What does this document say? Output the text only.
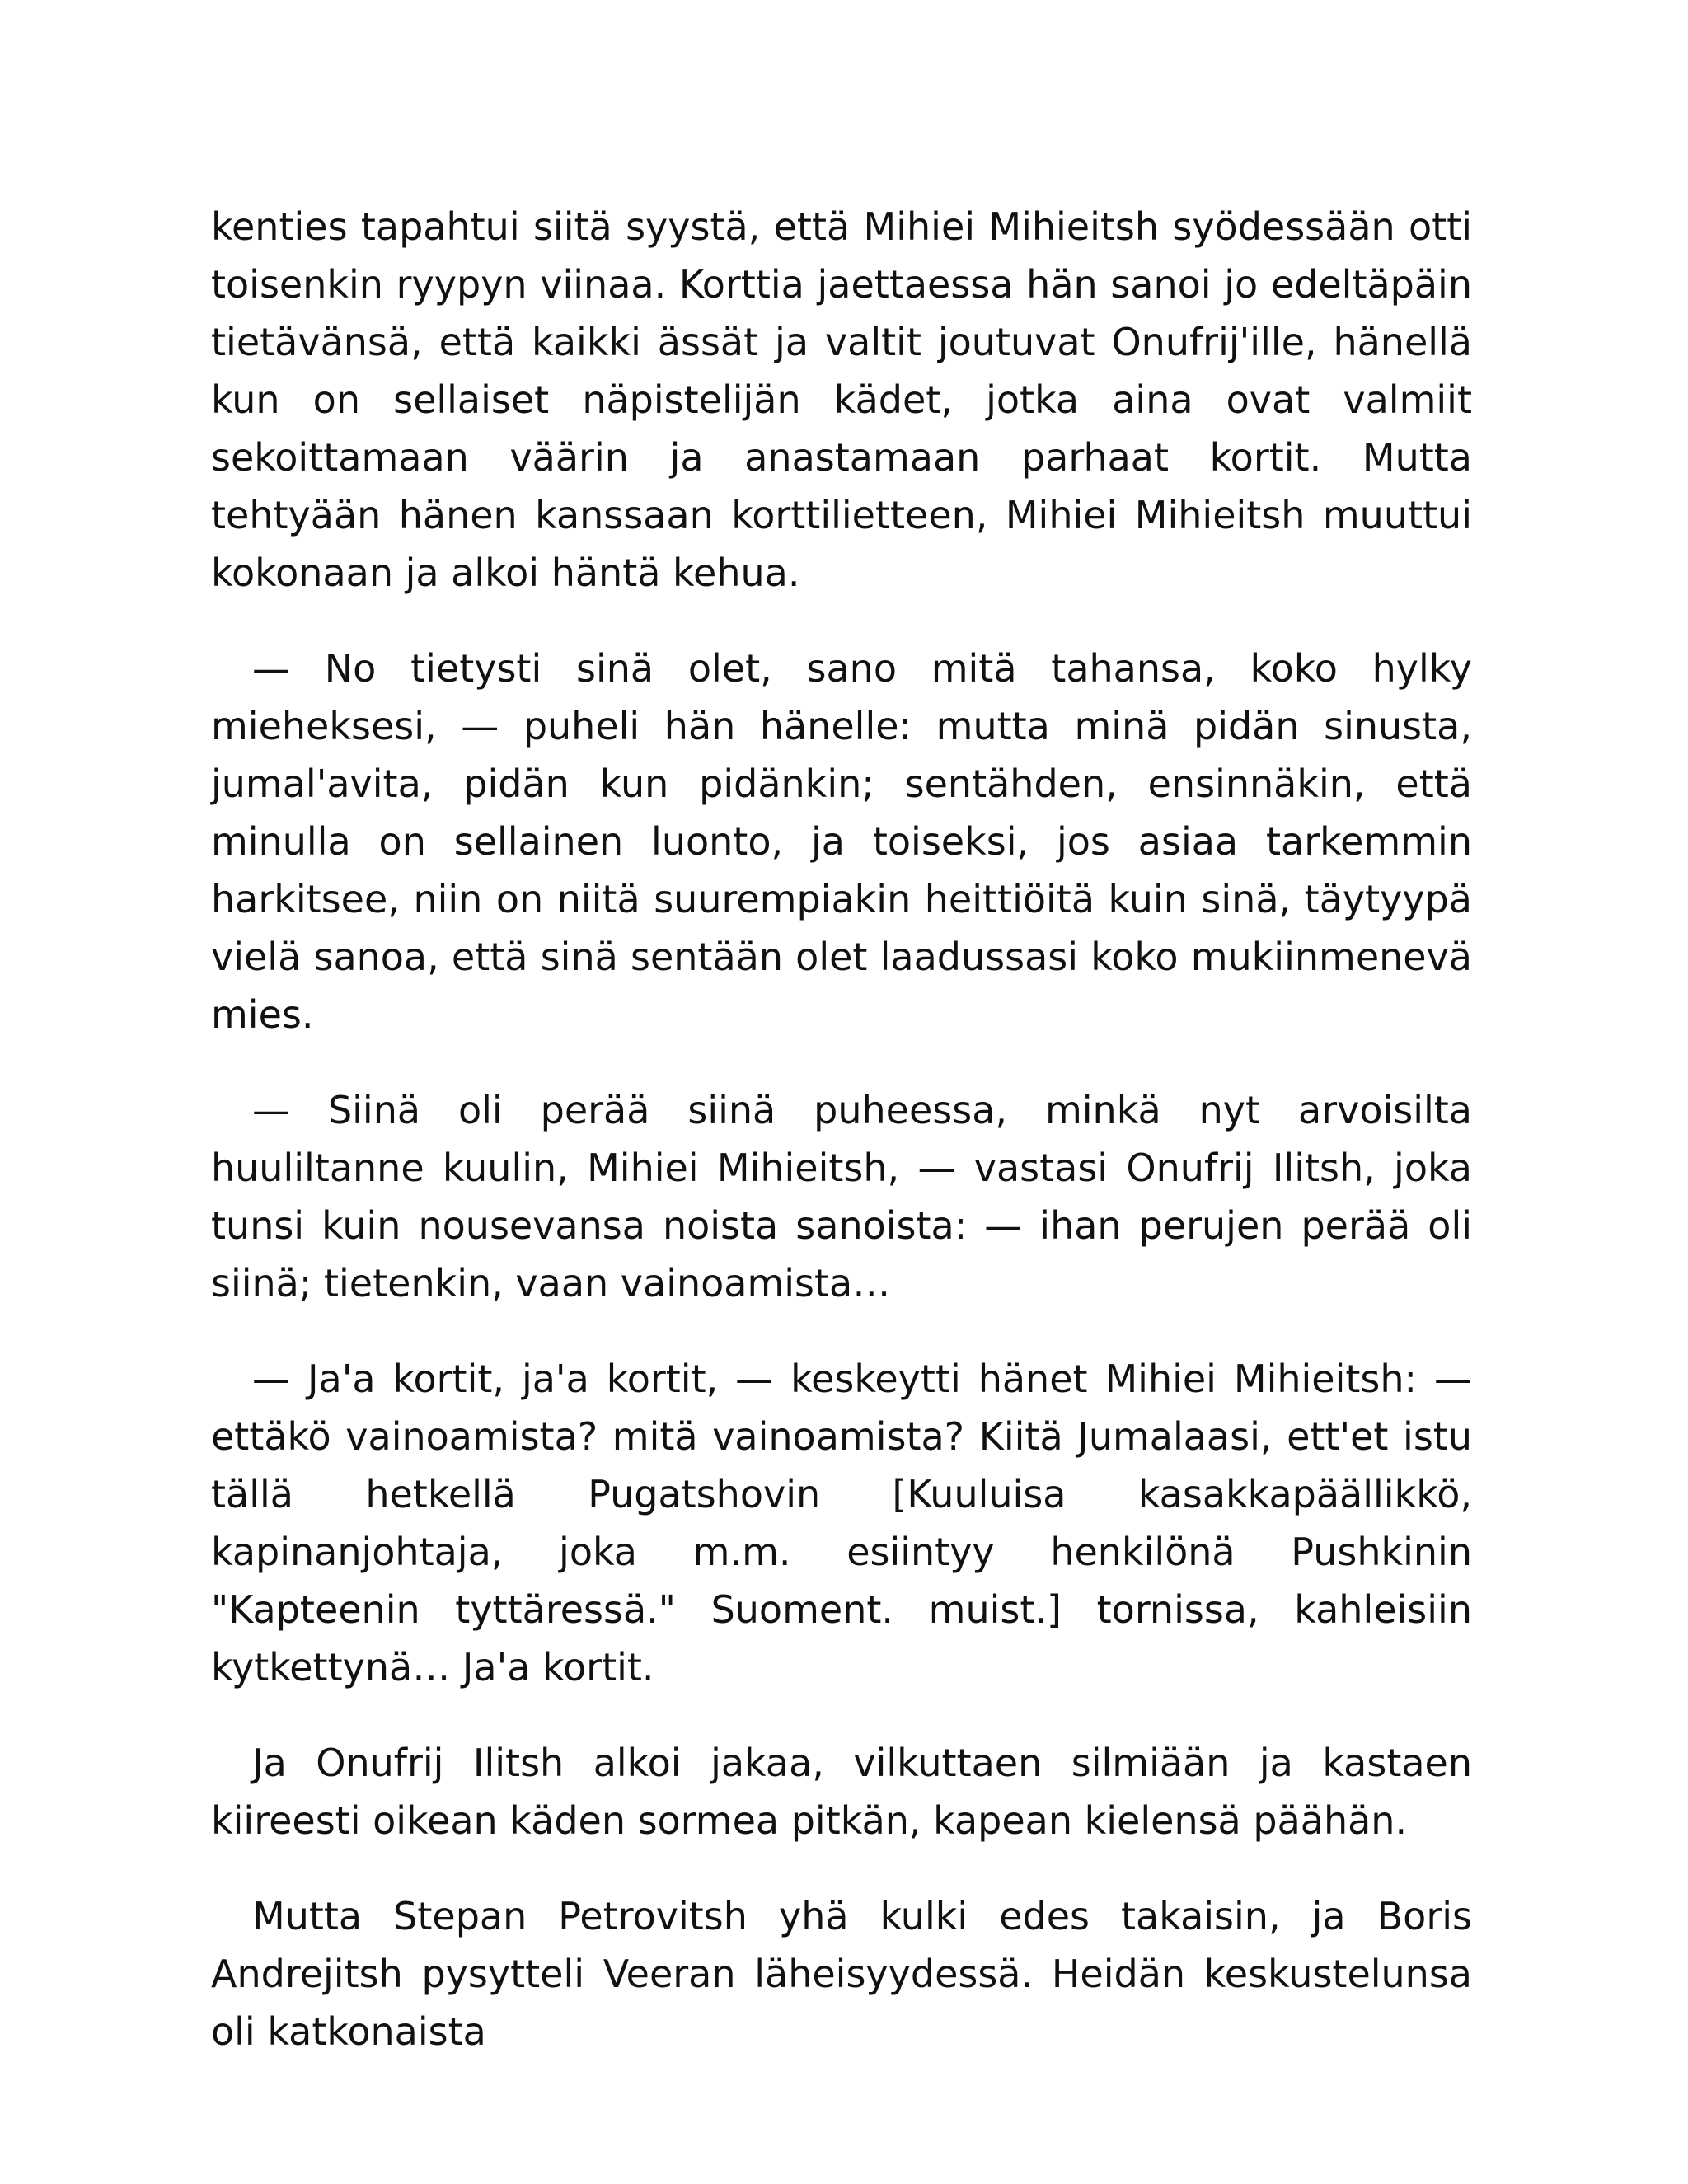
kenties tapahtui siitä syystä, että Mihiei Mihieitsh syödessään otti toisenkin ryypyn viinaa. Korttia jaettaessa hän sanoi jo edeltäpäin tietävänsä, että kaikki ässät ja valtit joutuvat Onufrij'ille, hänellä kun on sellaiset näpistelijän kädet, jotka aina ovat valmiit sekoittamaan väärin ja anastamaan parhaat kortit. Mutta tehtyään hänen kanssaan korttilietteen, Mihiei Mihieitsh muuttui kokonaan ja alkoi häntä kehua.

— No tietysti sinä olet, sano mitä tahansa, koko hylky mieheksesi, — puheli hän hänelle: mutta minä pidän sinusta, jumal'avita, pidän kun pidänkin; sentähden, ensinnäkin, että minulla on sellainen luonto, ja toiseksi, jos asiaa tarkemmin harkitsee, niin on niitä suurempiakin heittiöitä kuin sinä, täytyypä vielä sanoa, että sinä sentään olet laadussasi koko mukiinmenevä mies.

— Siinä oli perää siinä puheessa, minkä nyt arvoisilta huuliltanne kuulin, Mihiei Mihieitsh, — vastasi Onufrij Ilitsh, joka tunsi kuin nousevansa noista sanoista: — ihan perujen perää oli siinä; tietenkin, vaan vainoamista…

— Ja'a kortit, ja'a kortit, — keskeytti hänet Mihiei Mihieitsh: — ettäkö vainoamista? mitä vainoamista? Kiitä Jumalaasi, ett'et istu tällä hetkellä Pugatshovin [Kuuluisa kasakkapäällikkö, kapinanjohtaja, joka m.m. esiintyy henkilönä Pushkinin "Kapteenin tyttäressä." Suoment. muist.] tornissa, kahleisiin kytkettynä… Ja'a kortit.

Ja Onufrij Ilitsh alkoi jakaa, vilkuttaen silmiään ja kastaen kiireesti oikean käden sormea pitkän, kapean kielensä päähän.

Mutta Stepan Petrovitsh yhä kulki edes takaisin, ja Boris Andrejitsh pysytteli Veeran läheisyydessä. Heidän keskustelunsa oli katkonaista
